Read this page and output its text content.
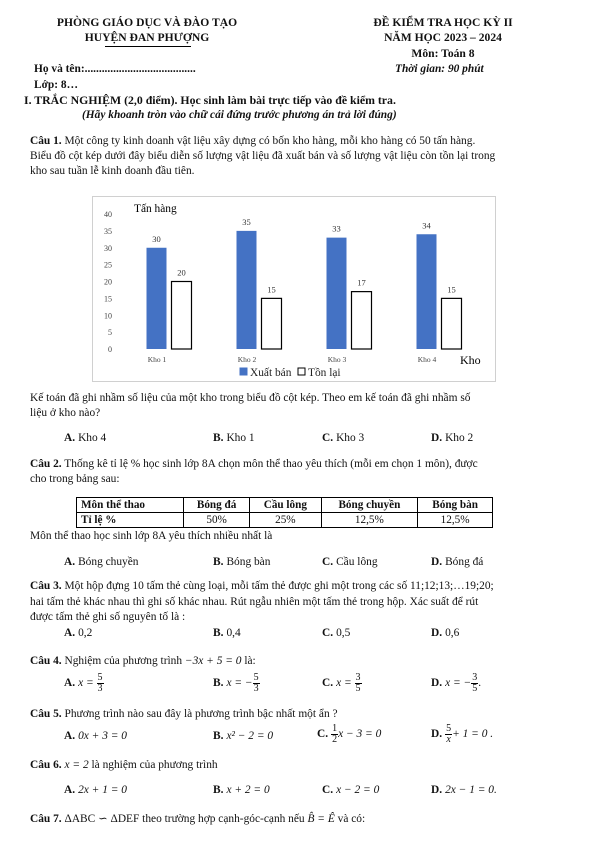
PHÒNG GIÁO DỤC VÀ ĐÀO TẠO
HUYỆN ĐAN PHƯỢNG
ĐỀ KIỂM TRA HỌC KỲ II
NĂM HỌC 2023 – 2024
Môn: Toán 8
Họ và tên:.......................................	Thời gian: 90 phút
Lớp: 8…
I. TRẮC NGHIỆM (2,0 điểm). Học sinh làm bài trực tiếp vào đề kiểm tra.
(Hãy khoanh tròn vào chữ cái đứng trước phương án trả lời đúng)
Câu 1. Một công ty kinh doanh vật liệu xây dựng có bốn kho hàng, mỗi kho hàng có 50 tấn hàng.
Biểu đồ cột kép dưới đây biểu diễn số lượng vật liệu đã xuất bán và số lượng vật liệu còn tồn lại trong
kho sau tuần lễ kinh doanh đầu tiên.
Tấn hàng
0
5
10
15
20
25
30
35
40
30
20
35
15
33
17
34
15
Kho 1	Kho 2	Kho 3	Kho 4 Kho
Xuất bán Tồn lại
Kế toán đã ghi nhầm số liệu của một kho trong biểu đồ cột kép. Theo em kế toán đã ghi nhầm số
liệu ở kho nào?
A. Kho 4	B. Kho 1	C. Kho 3	D. Kho 2
Câu 2. Thống kê tỉ lệ % học sinh lớp 8A chọn môn thể thao yêu thích (mỗi em chọn 1 môn), được
cho trong bảng sau:
Môn thể thao	Bóng đá	Cầu lông	Bóng chuyền	Bóng bàn
Tỉ lệ %	50%	25%	12,5%	12,5%
Môn thể thao học sinh lớp 8A yêu thích nhiều nhất là
A. Bóng chuyền	B. Bóng bàn	C. Cầu lông	D. Bóng đá
Câu 3. Một hộp đựng 10 tấm thẻ cùng loại, mỗi tấm thẻ được ghi một trong các số 11;12;13;…19;20;
hai tấm thẻ khác nhau thì ghi số khác nhau. Rút ngẫu nhiên một tấm thẻ trong hộp. Xác suất để rút
được tấm thẻ ghi số nguyên tố là :
A. 0,2	B. 0,4	C. 0,5	D. 0,6
Câu 4. Nghiệm của phương trình −3x + 5 = 0 là:
A. $x = \frac{5}{3}$	B. x = − $\frac{5}{3}$	C. $x = \frac{3}{5}$	D. x = − $\frac{3}{5}$ .
Câu 5. Phương trình nào sau đây là phương trình bậc nhất một ẩn ?
A. 0x + 3 = 0	B. x² − 2 = 0	C. $\frac{1}{2}$ x − 3 = 0	D. $\frac{5}{x} + 1 = 0$ .
Câu 6. x = 2 là nghiệm của phương trình
A. 2x + 1 = 0	B. x + 2 = 0	C. x − 2 = 0	D. 2x − 1 = 0.
Câu 7. ΔABC ∽ ΔDEF theo trường hợp cạnh-góc-cạnh nếu B̂ = Ê và có:
